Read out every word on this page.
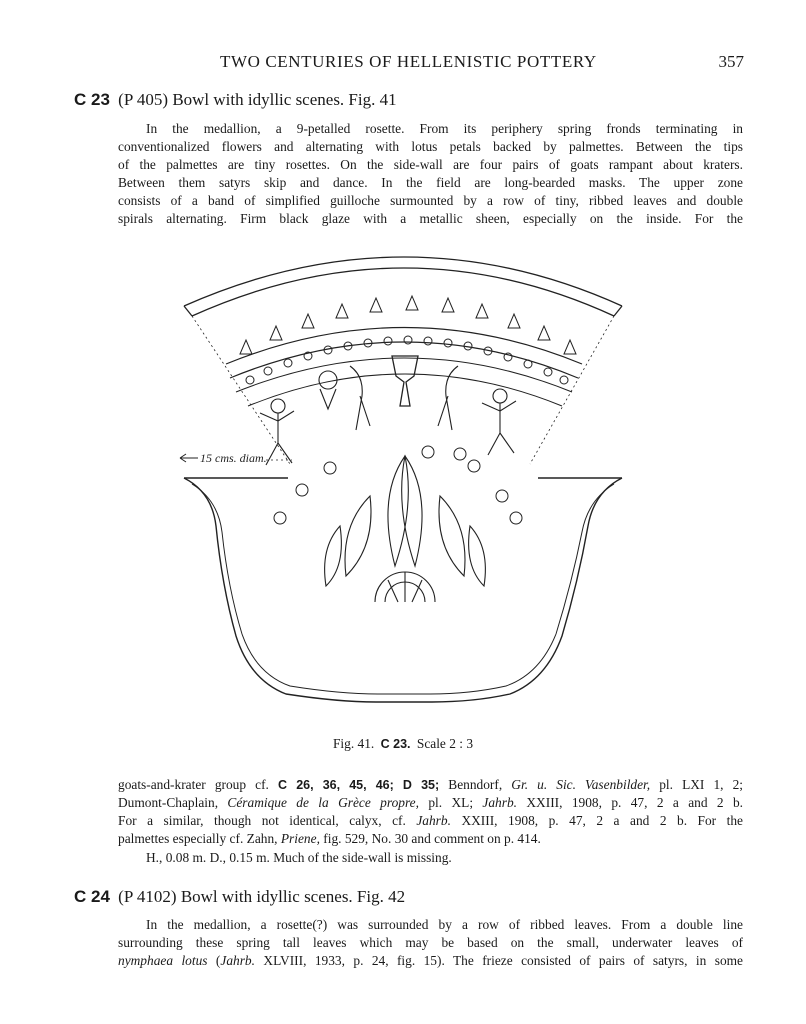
TWO CENTURIES OF HELLENISTIC POTTERY	357
C 23 (P 405) Bowl with idyllic scenes. Fig. 41
In the medallion, a 9-petalled rosette. From its periphery spring fronds terminating in
conventionalized flowers and alternating with lotus petals backed by palmettes. Between the tips
of the palmettes are tiny rosettes. On the side-wall are four pairs of goats rampant about kraters.
Between them satyrs skip and dance. In the field are long-bearded masks. The upper zone
consists of a band of simplified guilloche surmounted by a row of tiny, ribbed leaves and double
spirals alternating. Firm black glaze with a metallic sheen, especially on the inside. For the
15 cms. diam.
Fig. 41. C 23. Scale 2 : 3
goats-and-krater group cf. C 26, 36, 45, 46; D 35; Benndorf, Gr. u. Sic. Vasenbilder, pl. LXI 1, 2;
Dumont-Chaplain, Céramique de la Grèce propre, pl. XL; Jahrb. XXIII, 1908, p. 47, 2 a and 2 b.
For a similar, though not identical, calyx, cf. Jahrb. XXIII, 1908, p. 47, 2 a and 2 b. For the
palmettes especially cf. Zahn, Priene, fig. 529, No. 30 and comment on p. 414.
H., 0.08 m. D., 0.15 m. Much of the side-wall is missing.
C 24 (P 4102) Bowl with idyllic scenes. Fig. 42
In the medallion, a rosette(?) was surrounded by a row of ribbed leaves. From a double line
surrounding these spring tall leaves which may be based on the small, underwater leaves of
nymphaea lotus (Jahrb. XLVIII, 1933, p. 24, fig. 15). The frieze consisted of pairs of satyrs, in some
